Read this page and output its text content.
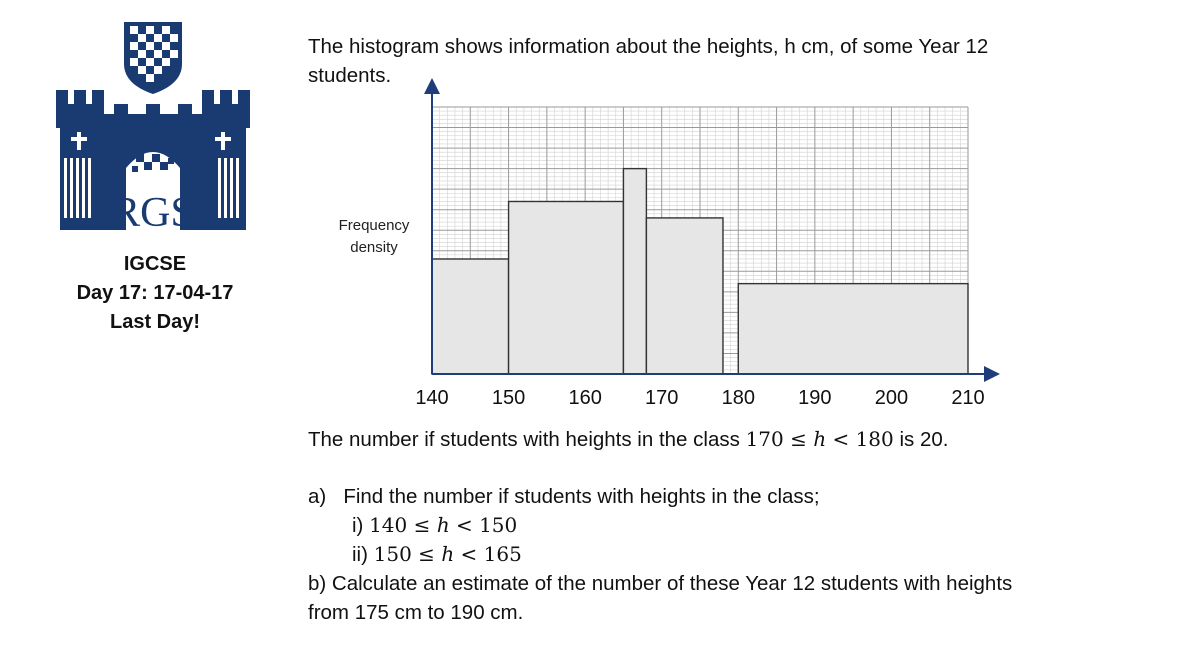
RGS
IGCSE
Day 17: 17-04-17
Last Day!
The histogram shows information about the heights, h cm, of some Year 12 students.
140 150 160 170 180 190 200 210
Frequency
density
The number if students with heights in the class 170 ≤ ℎ < 180 is 20.
a) Find the number if students with heights in the class;
i) 140 ≤ ℎ < 150
ii) 150 ≤ ℎ < 165
b) Calculate an estimate of the number of these Year 12 students with heights
from 175 cm to 190 cm.
